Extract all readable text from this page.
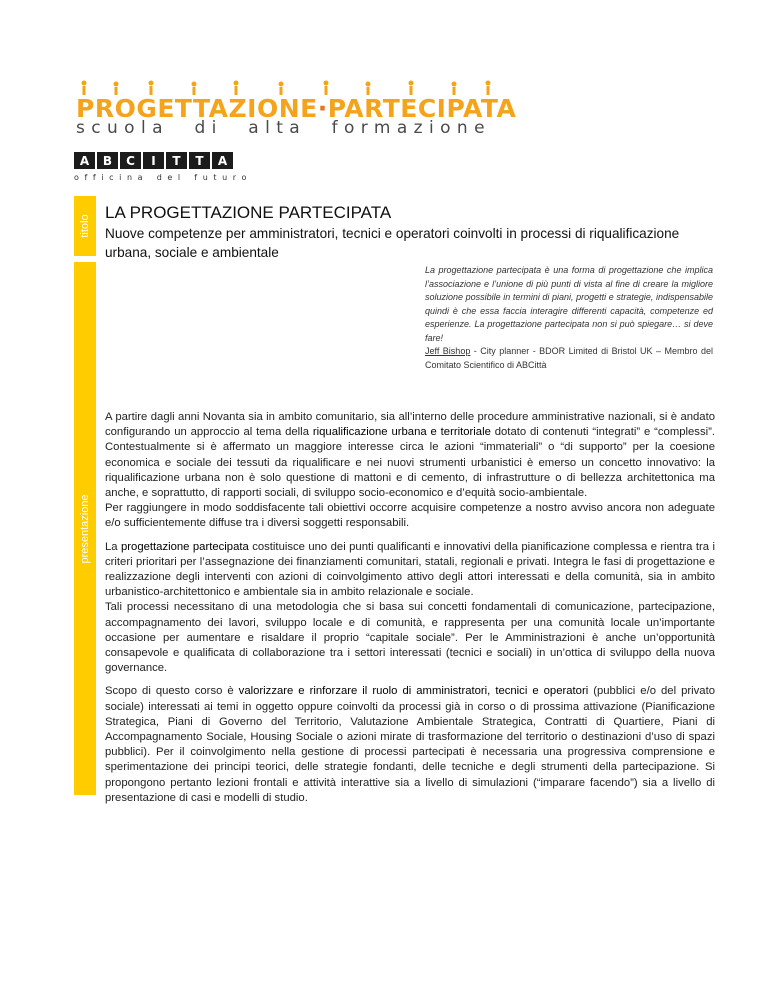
PROGETTAZIONE·PARTECIPATA
scuola di alta formazione
A	B	C	I	T	T	A
officina del futuro
titolo
presentazione
LA PROGETTAZIONE PARTECIPATA
Nuove competenze per amministratori, tecnici e operatori coinvolti in processi di riqualificazione urbana, sociale e ambientale
La progettazione partecipata è una forma di progettazione che implica l’associazione e l’unione di più punti di vista al fine di creare la migliore soluzione possibile in termini di piani, progetti e strategie, indispensabile quindi è che essa faccia interagire differenti capacità, competenze ed esperienze. La progettazione partecipata non si può spiegare… si deve fare!
Jeff Bishop - City planner - BDOR Limited di Bristol UK – Membro del Comitato Scientifico di ABCittà

A partire dagli anni Novanta sia in ambito comunitario, sia all’interno delle procedure amministrative nazionali, si è andato configurando un approccio al tema della riqualificazione urbana e territoriale dotato di contenuti “integrati” e “complessi”. Contestualmente si è affermato un maggiore interesse circa le azioni “immateriali” o “di supporto” per la coesione economica e sociale dei tessuti da riqualificare e nei nuovi strumenti urbanistici è emerso un concetto innovativo: la riqualificazione urbana non è solo questione di mattoni e di cemento, di infrastrutture o di bellezza architettonica ma anche, e soprattutto, di rapporti sociali, di sviluppo socio-economico e d’equità socio-ambientale.
Per raggiungere in modo soddisfacente tali obiettivi occorre acquisire competenze a nostro avviso ancora non adeguate e/o sufficientemente diffuse tra i diversi soggetti responsabili.

La progettazione partecipata costituisce uno dei punti qualificanti e innovativi della pianificazione complessa e rientra tra i criteri prioritari per l’assegnazione dei finanziamenti comunitari, statali, regionali e privati. Integra le fasi di progettazione e realizzazione degli interventi con azioni di coinvolgimento attivo degli attori interessati e della comunità, sia in ambito urbanistico-architettonico e ambientale sia in ambito relazionale e sociale.
Tali processi necessitano di una metodologia che si basa sui concetti fondamentali di comunicazione, partecipazione, accompagnamento dei lavori, sviluppo locale e di comunità, e rappresenta per una comunità locale un’importante occasione per aumentare e risaldare il proprio “capitale sociale”. Per le Amministrazioni è anche un’opportunità consapevole e qualificata di collaborazione tra i settori interessati (tecnici e sociali) in un’ottica di sviluppo della nuova governance.

Scopo di questo corso è valorizzare e rinforzare il ruolo di amministratori, tecnici e operatori (pubblici e/o del privato sociale) interessati ai temi in oggetto oppure coinvolti da processi già in corso o di prossima attivazione (Pianificazione Strategica, Piani di Governo del Territorio, Valutazione Ambientale Strategica, Contratti di Quartiere, Piani di Accompagnamento Sociale, Housing Sociale o azioni mirate di trasformazione del territorio o destinazioni d’uso di spazi pubblici). Per il coinvolgimento nella gestione di processi partecipati è necessaria una progressiva comprensione e sperimentazione dei principi teorici, delle strategie fondanti, delle tecniche e degli strumenti della partecipazione. Si propongono pertanto lezioni frontali e attività interattive sia a livello di simulazioni (“imparare facendo”) sia a livello di presentazione di casi e modelli di studio.
